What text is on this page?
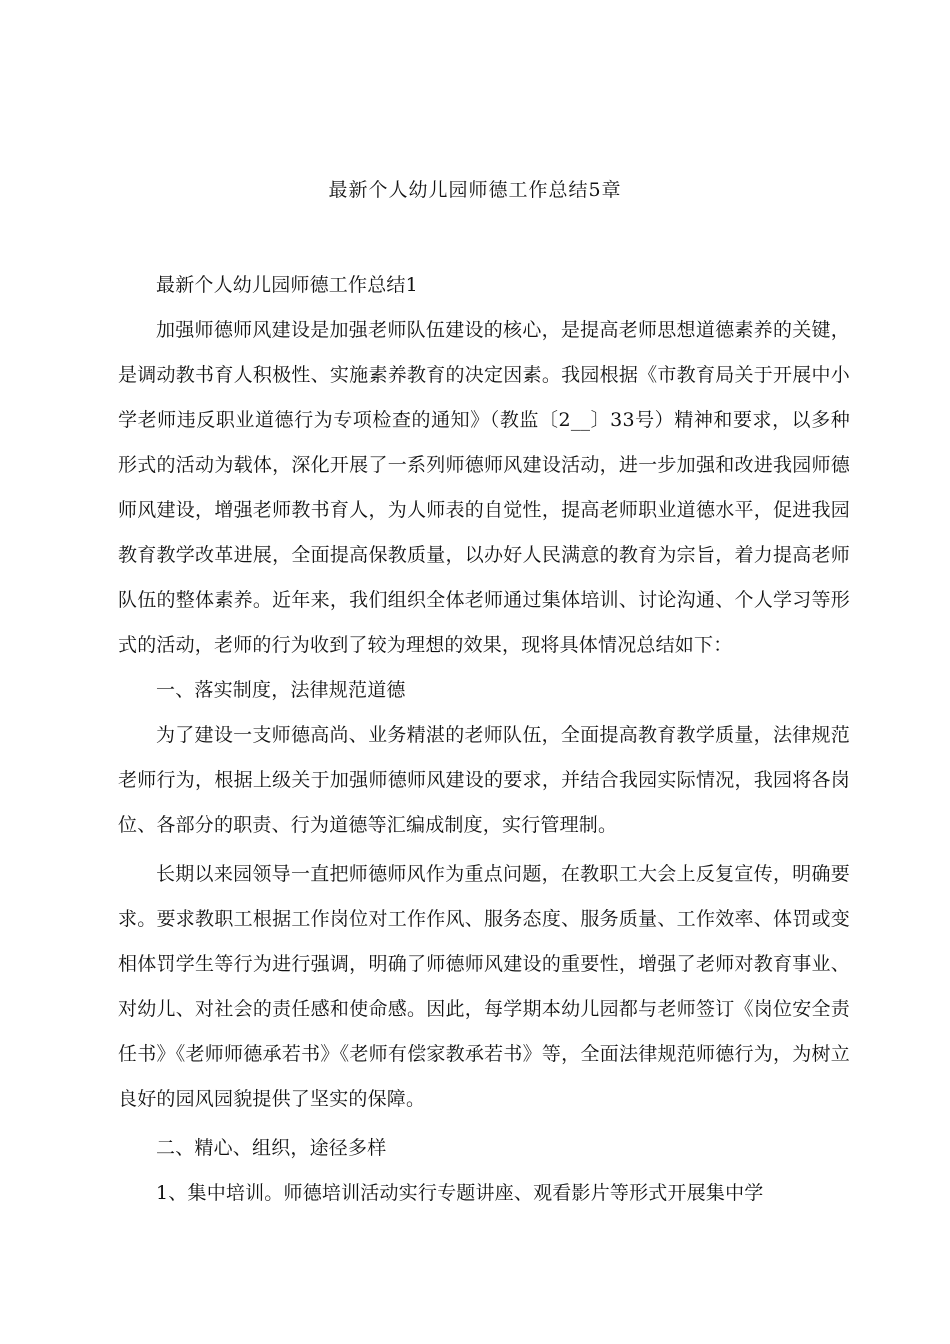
最新个人幼儿园师德工作总结5章

最新个人幼儿园师德工作总结1

加强师德师风建设是加强老师队伍建设的核心，是提高老师思想道德素养的关键，是调动教书育人积极性、实施素养教育的决定因素。我园根据《市教育局关于开展中小学老师违反职业道德行为专项检查的通知》（教监〔2__〕33号）精神和要求，以多种形式的活动为载体，深化开展了一系列师德师风建设活动，进一步加强和改进我园师德师风建设，增强老师教书育人，为人师表的自觉性，提高老师职业道德水平，促进我园教育教学改革进展，全面提高保教质量，以办好人民满意的教育为宗旨，着力提高老师队伍的整体素养。近年来，我们组织全体老师通过集体培训、讨论沟通、个人学习等形式的活动，老师的行为收到了较为理想的效果，现将具体情况总结如下：

一、落实制度，法律规范道德

为了建设一支师德高尚、业务精湛的老师队伍，全面提高教育教学质量，法律规范老师行为，根据上级关于加强师德师风建设的要求，并结合我园实际情况，我园将各岗位、各部分的职责、行为道德等汇编成制度，实行管理制。

长期以来园领导一直把师德师风作为重点问题，在教职工大会上反复宣传，明确要求。要求教职工根据工作岗位对工作作风、服务态度、服务质量、工作效率、体罚或变相体罚学生等行为进行强调，明确了师德师风建设的重要性，增强了老师对教育事业、对幼儿、对社会的责任感和使命感。因此，每学期本幼儿园都与老师签订《岗位安全责任书》《老师师德承若书》《老师有偿家教承若书》等，全面法律规范师德行为，为树立良好的园风园貌提供了坚实的保障。

二、精心、组织，途径多样

1、集中培训。师德培训活动实行专题讲座、观看影片等形式开展集中学
